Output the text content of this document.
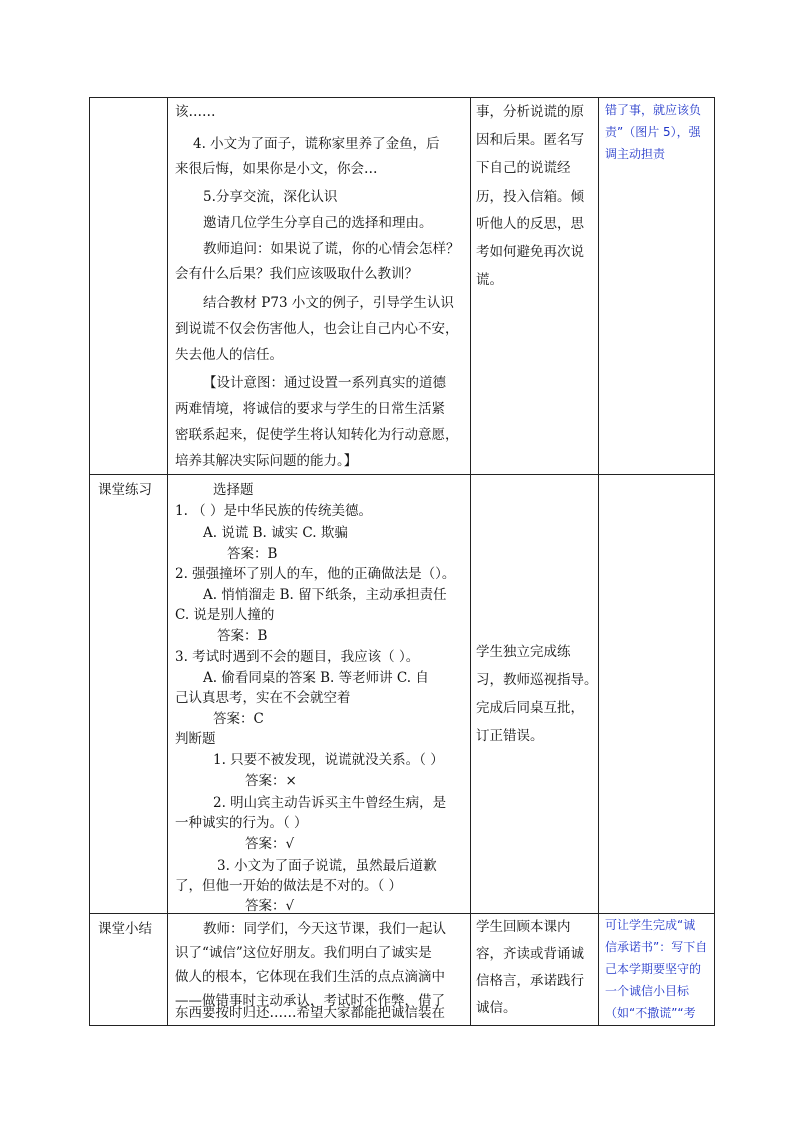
该……
4. 小文为了面子，谎称家里养了金鱼，后
来很后悔，如果你是小文，你会…
5.分享交流，深化认识
邀请几位学生分享自己的选择和理由。
教师追问：如果说了谎，你的心情会怎样？
会有什么后果？我们应该吸取什么教训？
结合教材 P73 小文的例子，引导学生认识
到说谎不仅会伤害他人，也会让自己内心不安，
失去他人的信任。
【设计意图：通过设置一系列真实的道德
两难情境，将诚信的要求与学生的日常生活紧
密联系起来，促使学生将认知转化为行动意愿，
培养其解决实际问题的能力。】
事，分析说谎的原
因和后果。匿名写
下自己的说谎经
历，投入信箱。倾
听他人的反思，思
考如何避免再次说
谎。
错了事，就应该负
责”（图片 5），强
调主动担责
课堂练习	选择题
1. （ ）是中华民族的传统美德。
A. 说谎 B. 诚实 C. 欺骗
答案：B
2. 强强撞坏了别人的车，他的正确做法是（）。
A. 悄悄溜走 B. 留下纸条，主动承担责任
C. 说是别人撞的
答案：B
3. 考试时遇到不会的题目，我应该（ ）。
A. 偷看同桌的答案 B. 等老师讲 C. 自
己认真思考，实在不会就空着
答案：C
判断题
1. 只要不被发现，说谎就没关系。（ ）
答案：×
2. 明山宾主动告诉买主牛曾经生病，是
一种诚实的行为。（ ）
答案：√
3. 小文为了面子说谎，虽然最后道歉
了，但他一开始的做法是不对的。（ ）
答案：√
学生独立完成练
习，教师巡视指导。
完成后同桌互批，
订正错误。
课堂小结	教师：同学们，今天这节课，我们一起认
识了“诚信”这位好朋友。我们明白了诚实是
做人的根本，它体现在我们生活的点点滴滴中
——做错事时主动承认，考试时不作弊，借了
东西要按时归还……希望大家都能把诚信装在
学生回顾本课内
容，齐读或背诵诚
信格言，承诺践行
诚信。
可让学生完成“诚
信承诺书”：写下自
己本学期要坚守的
一个诚信小目标
（如“不撒谎”“考
